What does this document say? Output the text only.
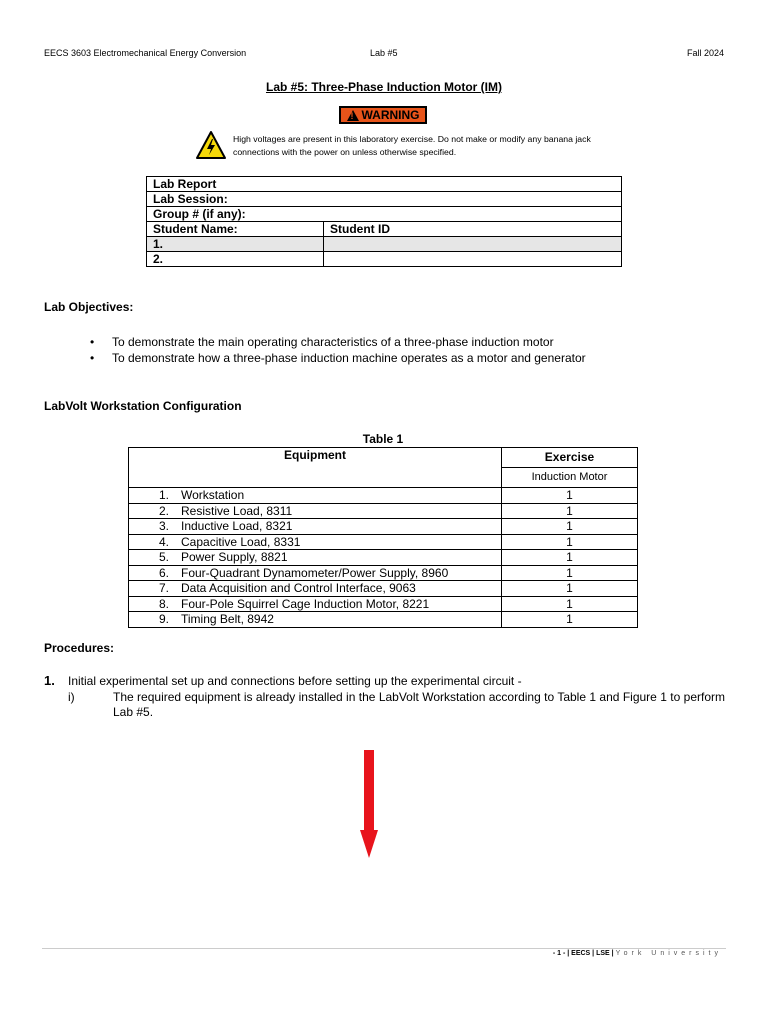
EECS 3603 Electromechanical Energy Conversion	Lab #5	Fall 2024
Lab #5: Three-Phase Induction Motor (IM)
! WARNING
High voltages are present in this laboratory exercise. Do not make or modify any banana jack connections with the power on unless otherwise specified.
Lab Report	
Lab Session:	
Group # (if any):	
Student Name:	Student ID
1.	
2.	
Lab Objectives:
• To demonstrate the main operating characteristics of a three-phase induction motor
• To demonstrate how a three-phase induction machine operates as a motor and generator
LabVolt Workstation Configuration
Table 1
Equipment		Exercise
		Induction Motor
1.	Workstation	1
2.	Resistive Load, 8311	1
3.	Inductive Load, 8321	1
4.	Capacitive Load, 8331	1
5.	Power Supply, 8821	1
6.	Four-Quadrant Dynamometer/Power Supply, 8960	1
7.	Data Acquisition and Control Interface, 9063	1
8.	Four-Pole Squirrel Cage Induction Motor, 8221	1
9.	Timing Belt, 8942	1
Procedures:
1. Initial experimental set up and connections before setting up the experimental circuit -
i)	The required equipment is already installed in the LabVolt Workstation according to Table 1 and Figure 1 to perform Lab #5.
- 1 - | EECS | LSE | York University
